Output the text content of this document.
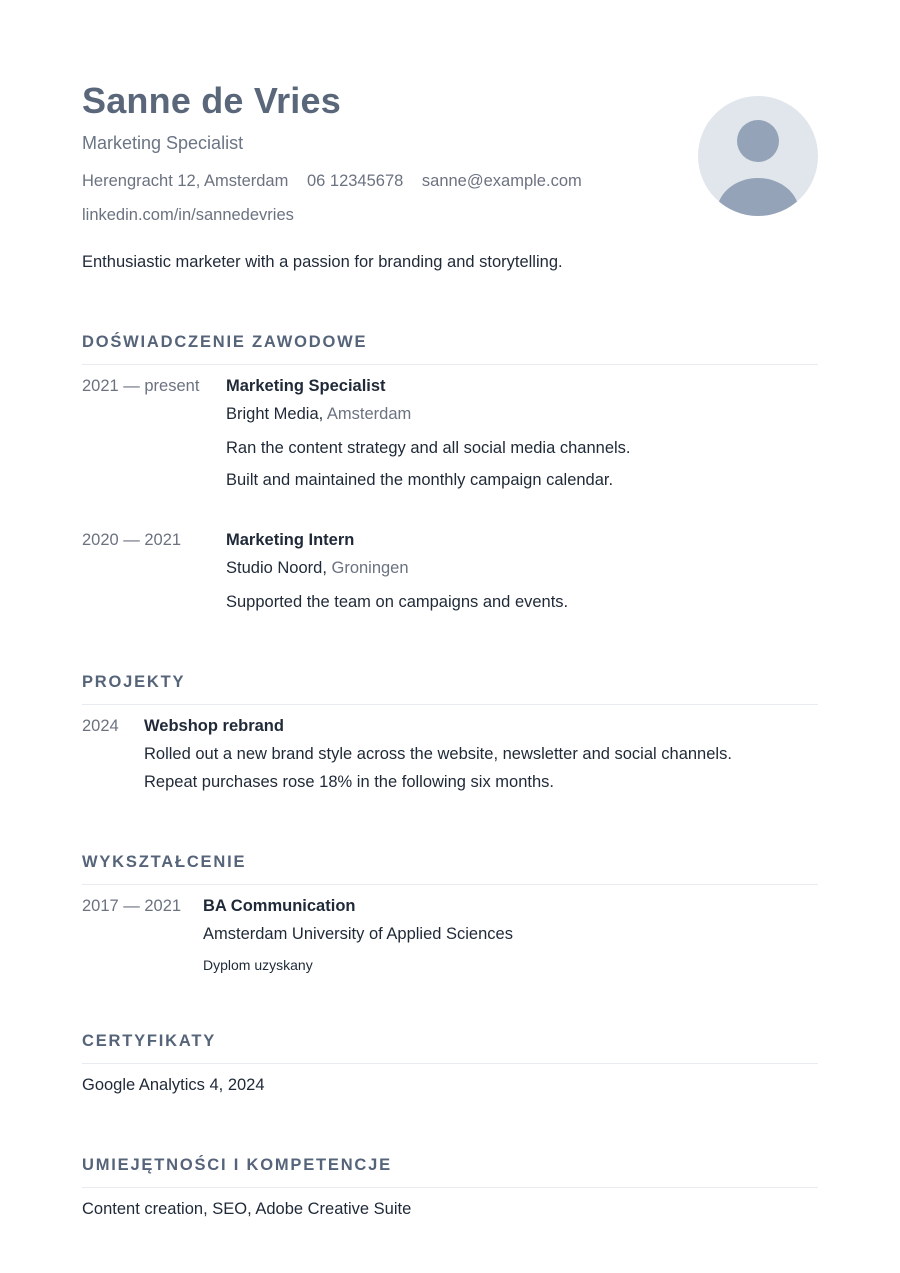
Sanne de Vries
Marketing Specialist
Herengracht 12, Amsterdam 06 12345678 sanne@example.com
linkedin.com/in/sannedevries
Enthusiastic marketer with a passion for branding and storytelling.
DOŚWIADCZENIE ZAWODOWE
2021 — present Marketing Specialist
Bright Media, Amsterdam
Ran the content strategy and all social media channels.
Built and maintained the monthly campaign calendar.
2020 — 2021	Marketing Intern
Studio Noord, Groningen
Supported the team on campaigns and events.
PROJEKTY
2024 Webshop rebrand
Rolled out a new brand style across the website, newsletter and social channels.
Repeat purchases rose 18% in the following six months.
WYKSZTAŁCENIE
2017 — 2021 BA Communication
Amsterdam University of Applied Sciences
Dyplom uzyskany
CERTYFIKATY
Google Analytics 4, 2024
UMIEJĘTNOŚCI I KOMPETENCJE
Content creation, SEO, Adobe Creative Suite
